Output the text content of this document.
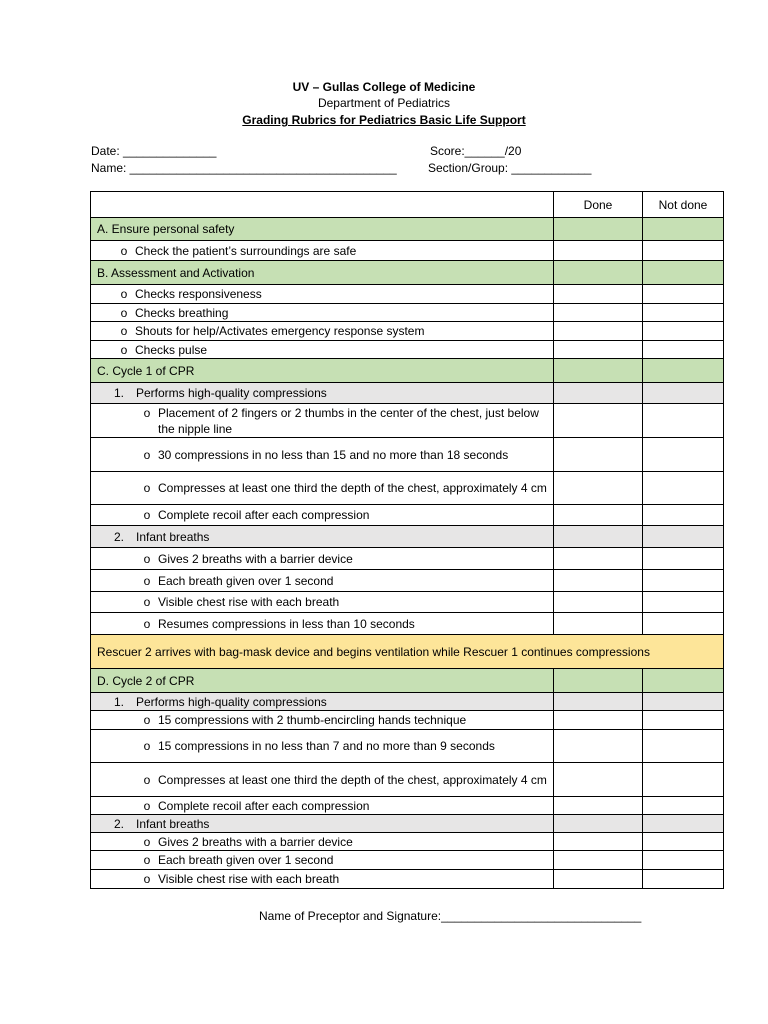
UV – Gullas College of Medicine
Department of Pediatrics
Grading Rubrics for Pediatrics Basic Life Support
Date: ______________
Name: ________________________________________
Score:______/20
Section/Group: ____________
	Done	Not done
A. Ensure personal safety		
o Check the patient’s surroundings are safe		
B. Assessment and Activation		
o Checks responsiveness		
o Checks breathing		
o Shouts for help/Activates emergency response system		
o Checks pulse		
C. Cycle 1 of CPR		
1. Performs high-quality compressions		

o Placement of 2 fingers or 2 thumbs in the center of the chest, just below the nipple line		

o 30 compressions in no less than 15 and no more than 18 seconds		

o Compresses at least one third the depth of the chest, approximately 4 cm		

o Complete recoil after each compression		
2. Infant breaths		
o Gives 2 breaths with a barrier device		
o Each breath given over 1 second		
o Visible chest rise with each breath		
o Resumes compressions in less than 10 seconds		
Rescuer 2 arrives with bag-mask device and begins ventilation while Rescuer 1 continues compressions		
D. Cycle 2 of CPR		
1. Performs high-quality compressions		
o 15 compressions with 2 thumb-encircling hands technique		

o 15 compressions in no less than 7 and no more than 9 seconds		

o Compresses at least one third the depth of the chest, approximately 4 cm		

o Complete recoil after each compression		
2. Infant breaths		
o Gives 2 breaths with a barrier device		
o Each breath given over 1 second		
o Visible chest rise with each breath		
Name of Preceptor and Signature:______________________________
